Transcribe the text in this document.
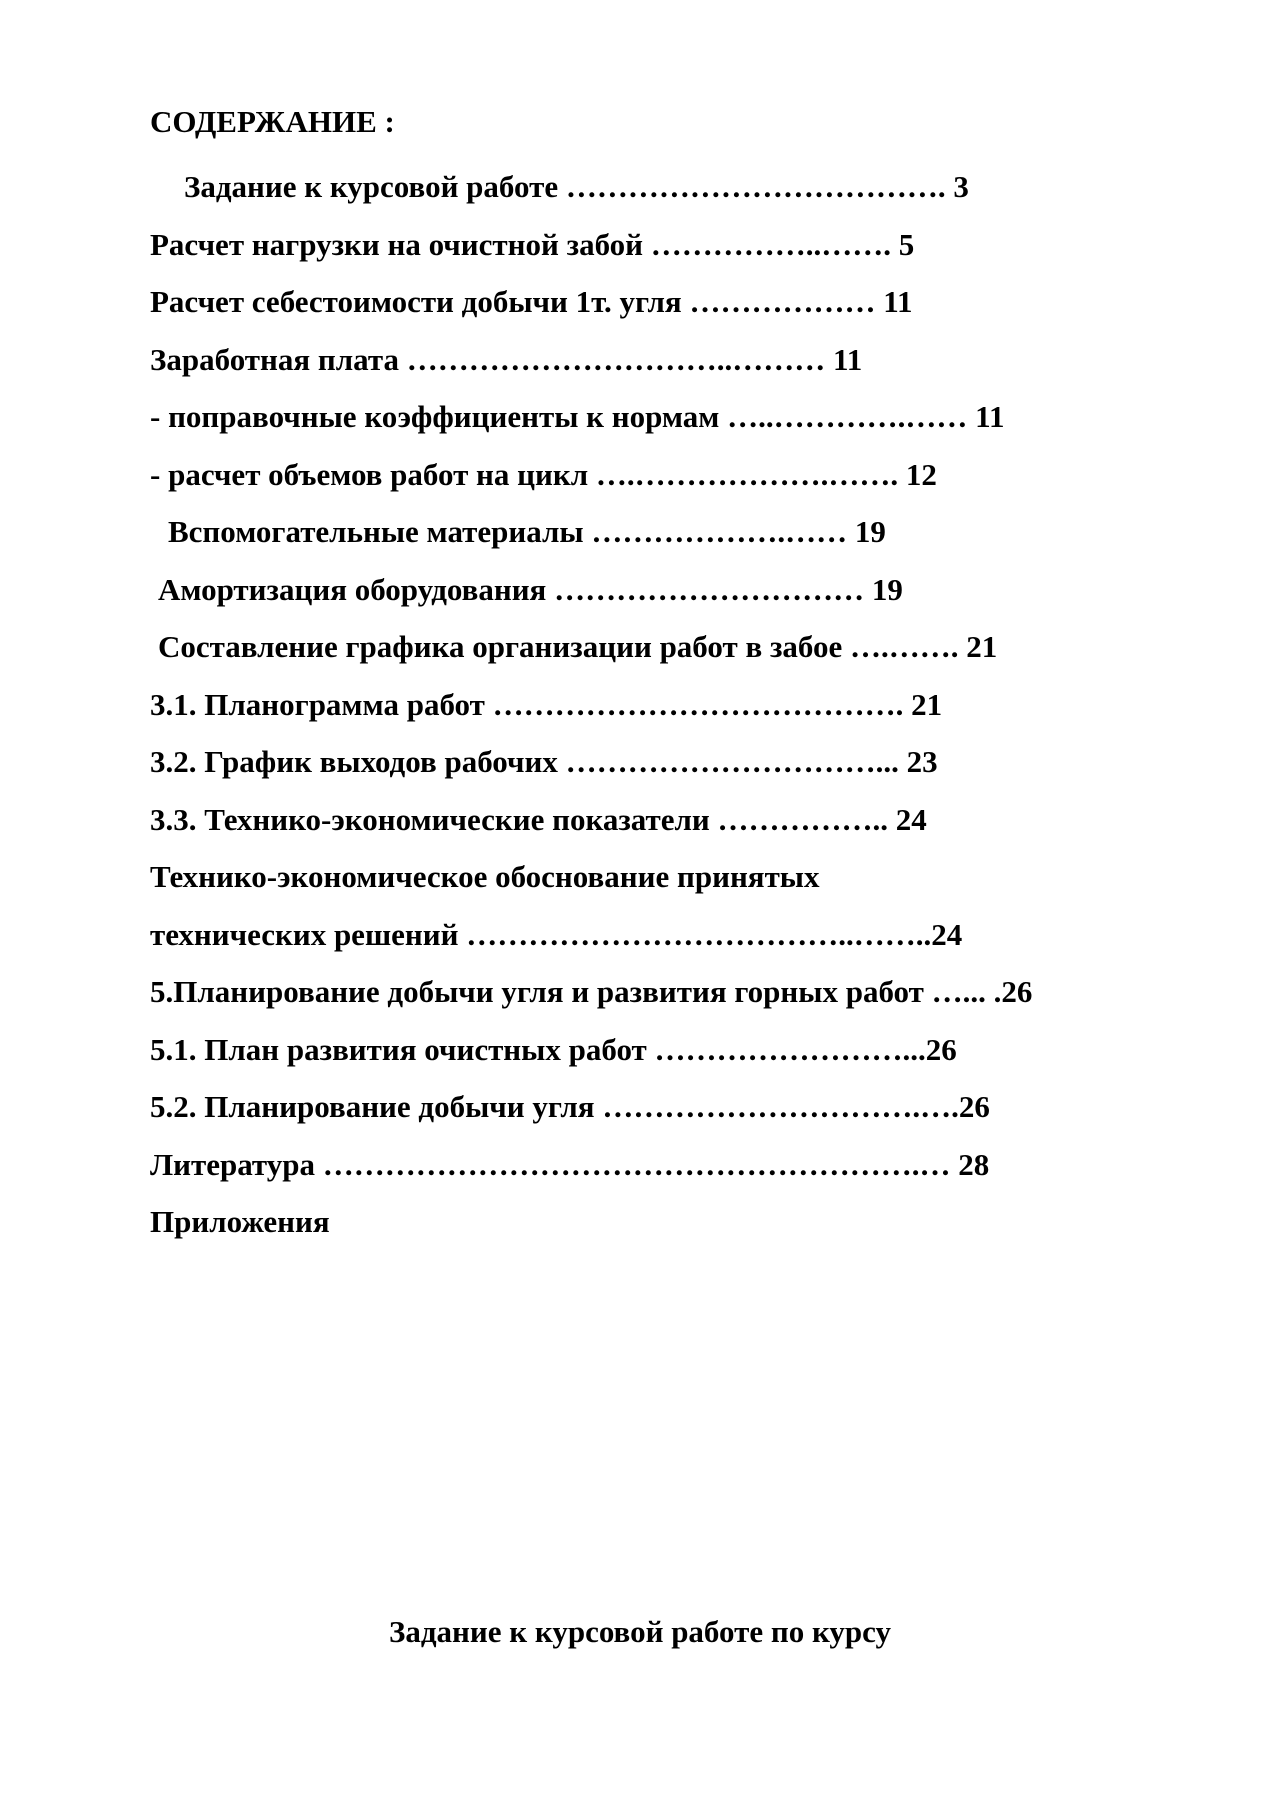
СОДЕРЖАНИЕ :
Задание к курсовой работе ………………………………. 3
Расчет нагрузки на очистной забой ……………..……. 5
Расчет себестоимости добычи 1т. угля ……………… 11
Заработная плата …………………………..……… 11
- поправочные коэффициенты к нормам …..………….…… 11
- расчет объемов работ на цикл ….……………….……. 12
Вспомогательные материалы ……………….…… 19
Амортизация оборудования ………………………… 19
Составление графика организации работ в забое ….……. 21
3.1. Планограмма работ …………………………………. 21
3.2. График выходов рабочих …………………………... 23
3.3. Технико-экономические показатели …………….. 24
Технико-экономическое обоснование принятых
технических решений ………………………………..……..24
5.Планирование добычи угля и развития горных работ …... .26
5.1. План развития очистных работ ……………………...26
5.2. Планирование добычи угля ………………………….….26
Литература ………………………………………………….… 28
Приложения
Задание к курсовой работе по курсу
